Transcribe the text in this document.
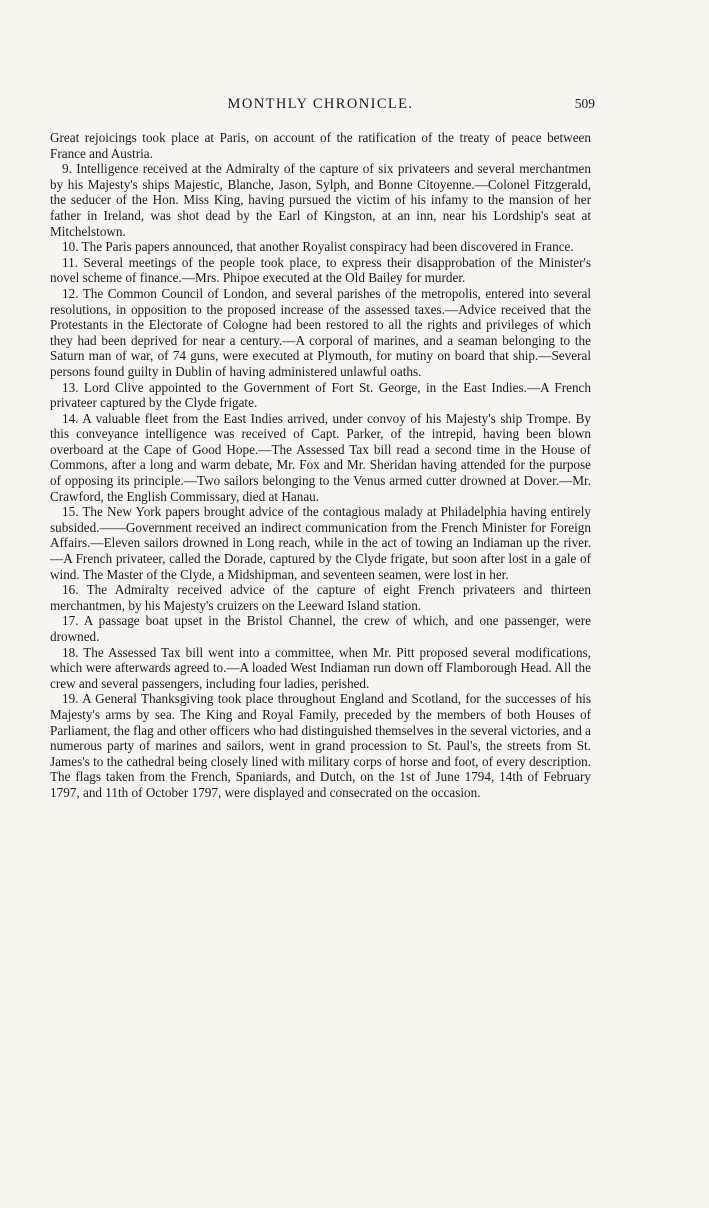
MONTHLY CHRONICLE.	509

Great rejoicings took place at Paris, on account of the ratification of the treaty of peace between France and Austria.

9. Intelligence received at the Admiralty of the capture of six privateers and several merchantmen by his Majesty's ships Majestic, Blanche, Jason, Sylph, and Bonne Citoyenne.—Colonel Fitzgerald, the seducer of the Hon. Miss King, having pursued the victim of his infamy to the mansion of her father in Ireland, was shot dead by the Earl of Kingston, at an inn, near his Lordship's seat at Mitchelstown.

10. The Paris papers announced, that another Royalist conspiracy had been discovered in France.

11. Several meetings of the people took place, to express their disapprobation of the Minister's novel scheme of finance.—Mrs. Phipoe executed at the Old Bailey for murder.

12. The Common Council of London, and several parishes of the metropolis, entered into several resolutions, in opposition to the proposed increase of the assessed taxes.—Advice received that the Protestants in the Electorate of Cologne had been restored to all the rights and privileges of which they had been deprived for near a century.—A corporal of marines, and a seaman belonging to the Saturn man of war, of 74 guns, were executed at Plymouth, for mutiny on board that ship.—Several persons found guilty in Dublin of having administered unlawful oaths.

13. Lord Clive appointed to the Government of Fort St. George, in the East Indies.—A French privateer captured by the Clyde frigate.

14. A valuable fleet from the East Indies arrived, under convoy of his Majesty's ship Trompe. By this conveyance intelligence was received of Capt. Parker, of the intrepid, having been blown overboard at the Cape of Good Hope.—The Assessed Tax bill read a second time in the House of Commons, after a long and warm debate, Mr. Fox and Mr. Sheridan having attended for the purpose of opposing its principle.—Two sailors belonging to the Venus armed cutter drowned at Dover.—Mr. Crawford, the English Commissary, died at Hanau.

15. The New York papers brought advice of the contagious malady at Philadelphia having entirely subsided.——Government received an indirect communication from the French Minister for Foreign Affairs.—Eleven sailors drowned in Long reach, while in the act of towing an Indiaman up the river.—A French privateer, called the Dorade, captured by the Clyde frigate, but soon after lost in a gale of wind. The Master of the Clyde, a Midshipman, and seventeen seamen, were lost in her.

16. The Admiralty received advice of the capture of eight French privateers and thirteen merchantmen, by his Majesty's cruizers on the Leeward Island station.

17. A passage boat upset in the Bristol Channel, the crew of which, and one passenger, were drowned.

18. The Assessed Tax bill went into a committee, when Mr. Pitt proposed several modifications, which were afterwards agreed to.—A loaded West Indiaman run down off Flamborough Head. All the crew and several passengers, including four ladies, perished.

19. A General Thanksgiving took place throughout England and Scotland, for the successes of his Majesty's arms by sea. The King and Royal Family, preceded by the members of both Houses of Parliament, the flag and other officers who had distinguished themselves in the several victories, and a numerous party of marines and sailors, went in grand procession to St. Paul's, the streets from St. James's to the cathedral being closely lined with military corps of horse and foot, of every description. The flags taken from the French, Spaniards, and Dutch, on the 1st of June 1794, 14th of February 1797, and 11th of October 1797, were displayed and consecrated on the occasion.
